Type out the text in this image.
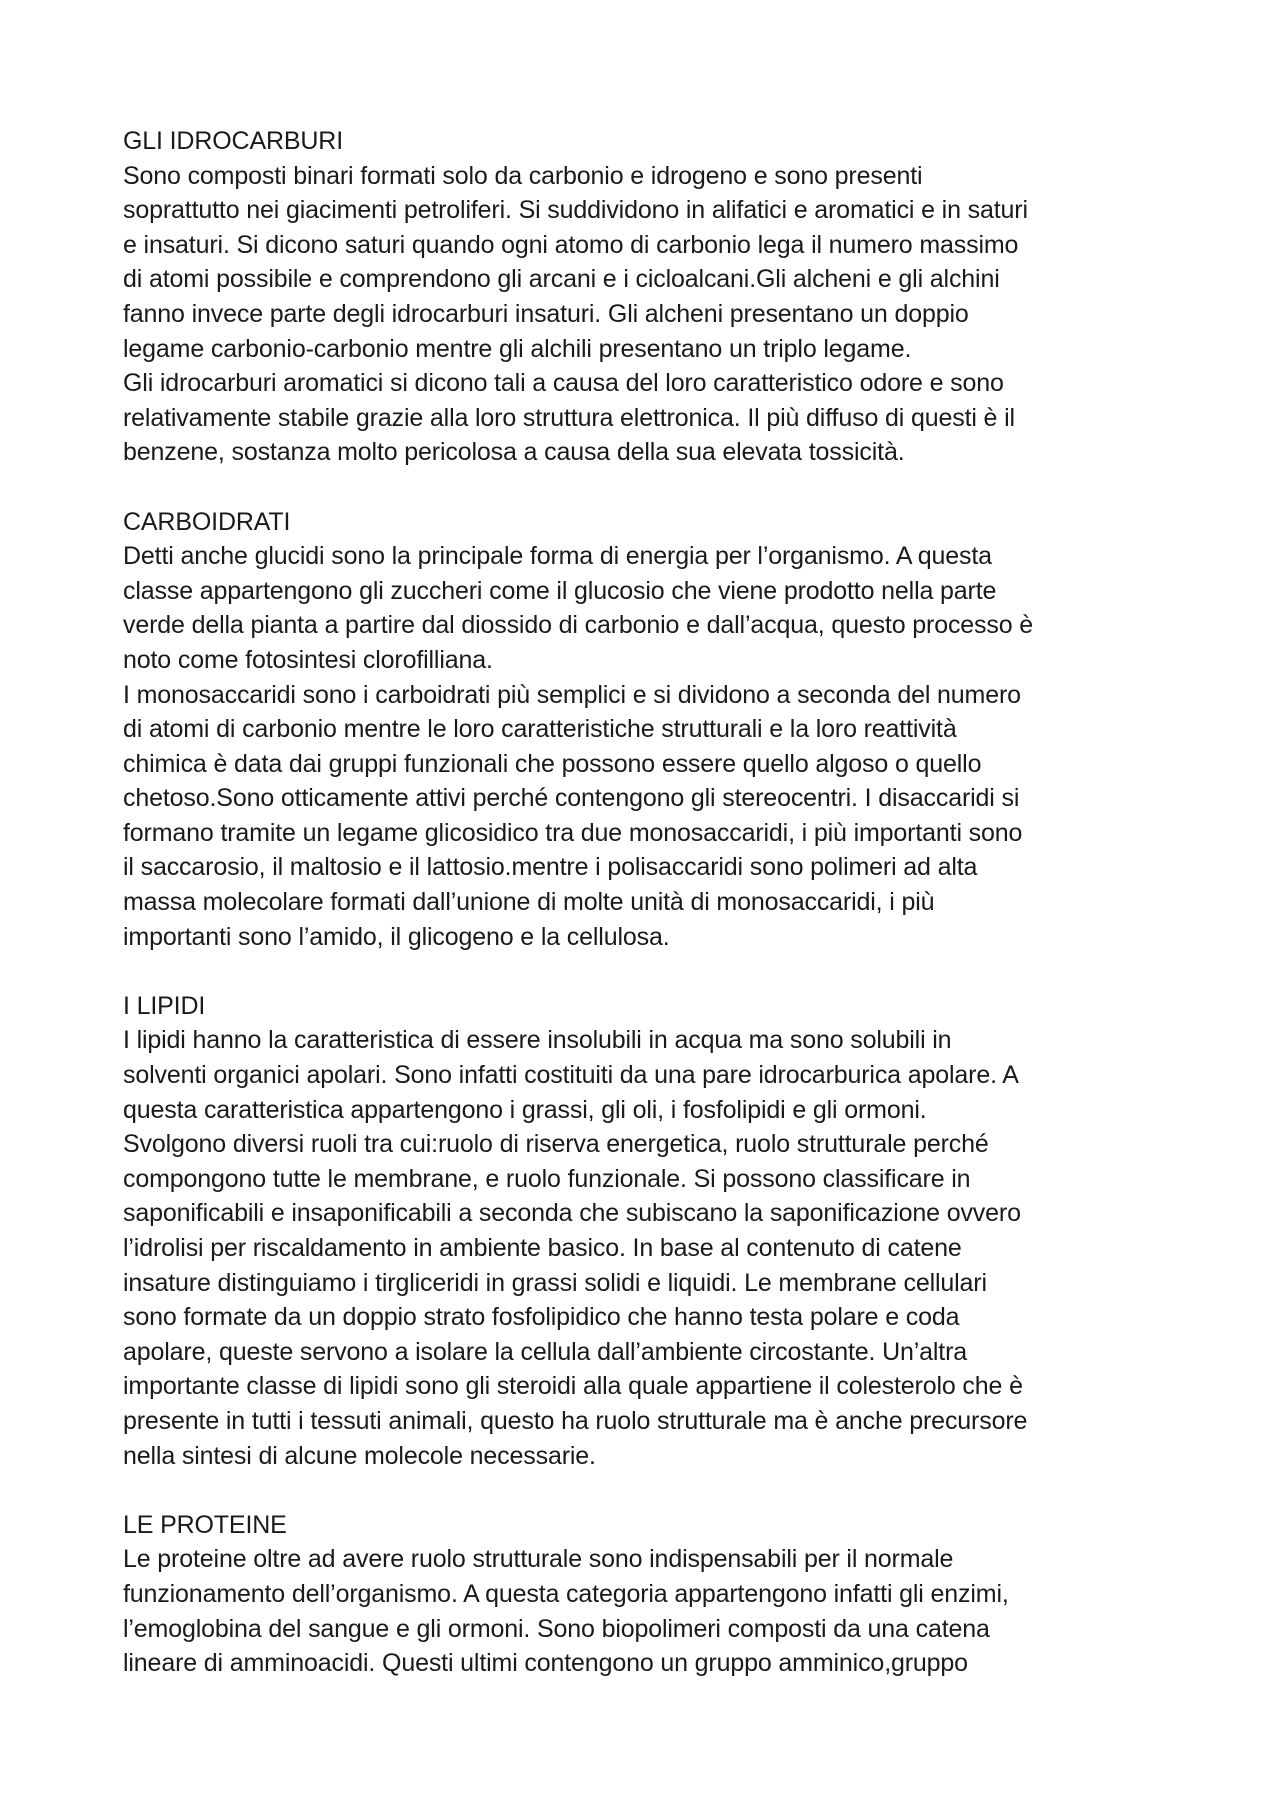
GLI IDROCARBURI
Sono composti binari formati solo da carbonio e idrogeno e sono presenti
soprattutto nei giacimenti petroliferi. Si suddividono in alifatici e aromatici e in saturi
e insaturi. Si dicono saturi quando ogni atomo di carbonio lega il numero massimo
di atomi possibile e comprendono gli arcani e i cicloalcani.Gli alcheni e gli alchini
fanno invece parte degli idrocarburi insaturi. Gli alcheni presentano un doppio
legame carbonio-carbonio mentre gli alchili presentano un triplo legame.
Gli idrocarburi aromatici si dicono tali a causa del loro caratteristico odore e sono
relativamente stabile grazie alla loro struttura elettronica. Il più diffuso di questi è il
benzene, sostanza molto pericolosa a causa della sua elevata tossicità.
CARBOIDRATI
Detti anche glucidi sono la principale forma di energia per l’organismo. A questa
classe appartengono gli zuccheri come il glucosio che viene prodotto nella parte
verde della pianta a partire dal diossido di carbonio e dall’acqua, questo processo è
noto come fotosintesi clorofilliana.
I monosaccaridi sono i carboidrati più semplici e si dividono a seconda del numero
di atomi di carbonio mentre le loro caratteristiche strutturali e la loro reattività
chimica è data dai gruppi funzionali che possono essere quello algoso o quello
chetoso.Sono otticamente attivi perché contengono gli stereocentri. I disaccaridi si
formano tramite un legame glicosidico tra due monosaccaridi, i più importanti sono
il saccarosio, il maltosio e il lattosio.mentre i polisaccaridi sono polimeri ad alta
massa molecolare formati dall’unione di molte unità di monosaccaridi, i più
importanti sono l’amido, il glicogeno e la cellulosa.
I LIPIDI
I lipidi hanno la caratteristica di essere insolubili in acqua ma sono solubili in
solventi organici apolari. Sono infatti costituiti da una pare idrocarburica apolare. A
questa caratteristica appartengono i grassi, gli oli, i fosfolipidi e gli ormoni.
Svolgono diversi ruoli tra cui:ruolo di riserva energetica, ruolo strutturale perché
compongono tutte le membrane, e ruolo funzionale. Si possono classificare in
saponificabili e insaponificabili a seconda che subiscano la saponificazione ovvero
l’idrolisi per riscaldamento in ambiente basico. In base al contenuto di catene
insature distinguiamo i tirgliceridi in grassi solidi e liquidi. Le membrane cellulari
sono formate da un doppio strato fosfolipidico che hanno testa polare e coda
apolare, queste servono a isolare la cellula dall’ambiente circostante. Un’altra
importante classe di lipidi sono gli steroidi alla quale appartiene il colesterolo che è
presente in tutti i tessuti animali, questo ha ruolo strutturale ma è anche precursore
nella sintesi di alcune molecole necessarie.
LE PROTEINE
Le proteine oltre ad avere ruolo strutturale sono indispensabili per il normale
funzionamento dell’organismo. A questa categoria appartengono infatti gli enzimi,
l’emoglobina del sangue e gli ormoni. Sono biopolimeri composti da una catena
lineare di amminoacidi. Questi ultimi contengono un gruppo amminico,gruppo
